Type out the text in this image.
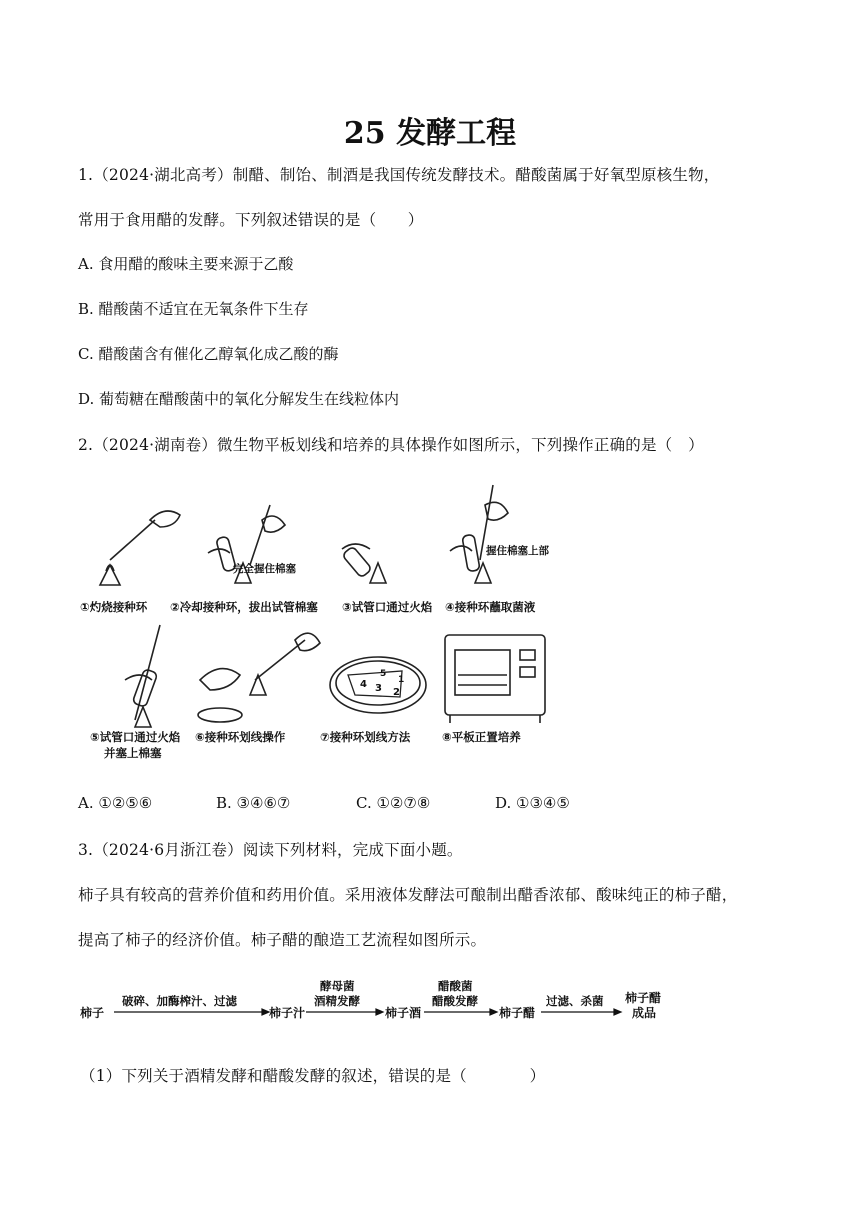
25 发酵工程
1.（2024·湖北高考）制醋、制饴、制酒是我国传统发酵技术。醋酸菌属于好氧型原核生物，
常用于食用醋的发酵。下列叙述错误的是（　　）
A. 食用醋的酸味主要来源于乙酸
B. 醋酸菌不适宜在无氧条件下生存
C. 醋酸菌含有催化乙醇氧化成乙酸的酶
D. 葡萄糖在醋酸菌中的氧化分解发生在线粒体内
2.（2024·湖南卷）微生物平板划线和培养的具体操作如图所示，下列操作正确的是（　）
完全握住棉塞
握住棉塞上部
4 3 2
5
1
①灼烧接种环 ②冷却接种环，拔出试管棉塞 ③试管口通过火焰 ④接种环蘸取菌液
⑤试管口通过火焰
并塞上棉塞
⑥接种环划线操作	⑦接种环划线方法	⑧平板正置培养
A. ①②⑤⑥	B. ③④⑥⑦	C. ①②⑦⑧	D. ①③④⑤
3.（2024·6月浙江卷）阅读下列材料，完成下面小题。
柿子具有较高的营养价值和药用价值。采用液体发酵法可酿制出醋香浓郁、酸味纯正的柿子醋，
提高了柿子的经济价值。柿子醋的酿造工艺流程如图所示。
柿子	柿子汁	柿子酒	柿子醋
柿子醋
成品
破碎、加酶榨汁、过滤
酵母菌
酒精发酵
醋酸菌
醋酸发酵	过滤、杀菌
（1）下列关于酒精发酵和醋酸发酵的叙述，错误的是（　　　　）
